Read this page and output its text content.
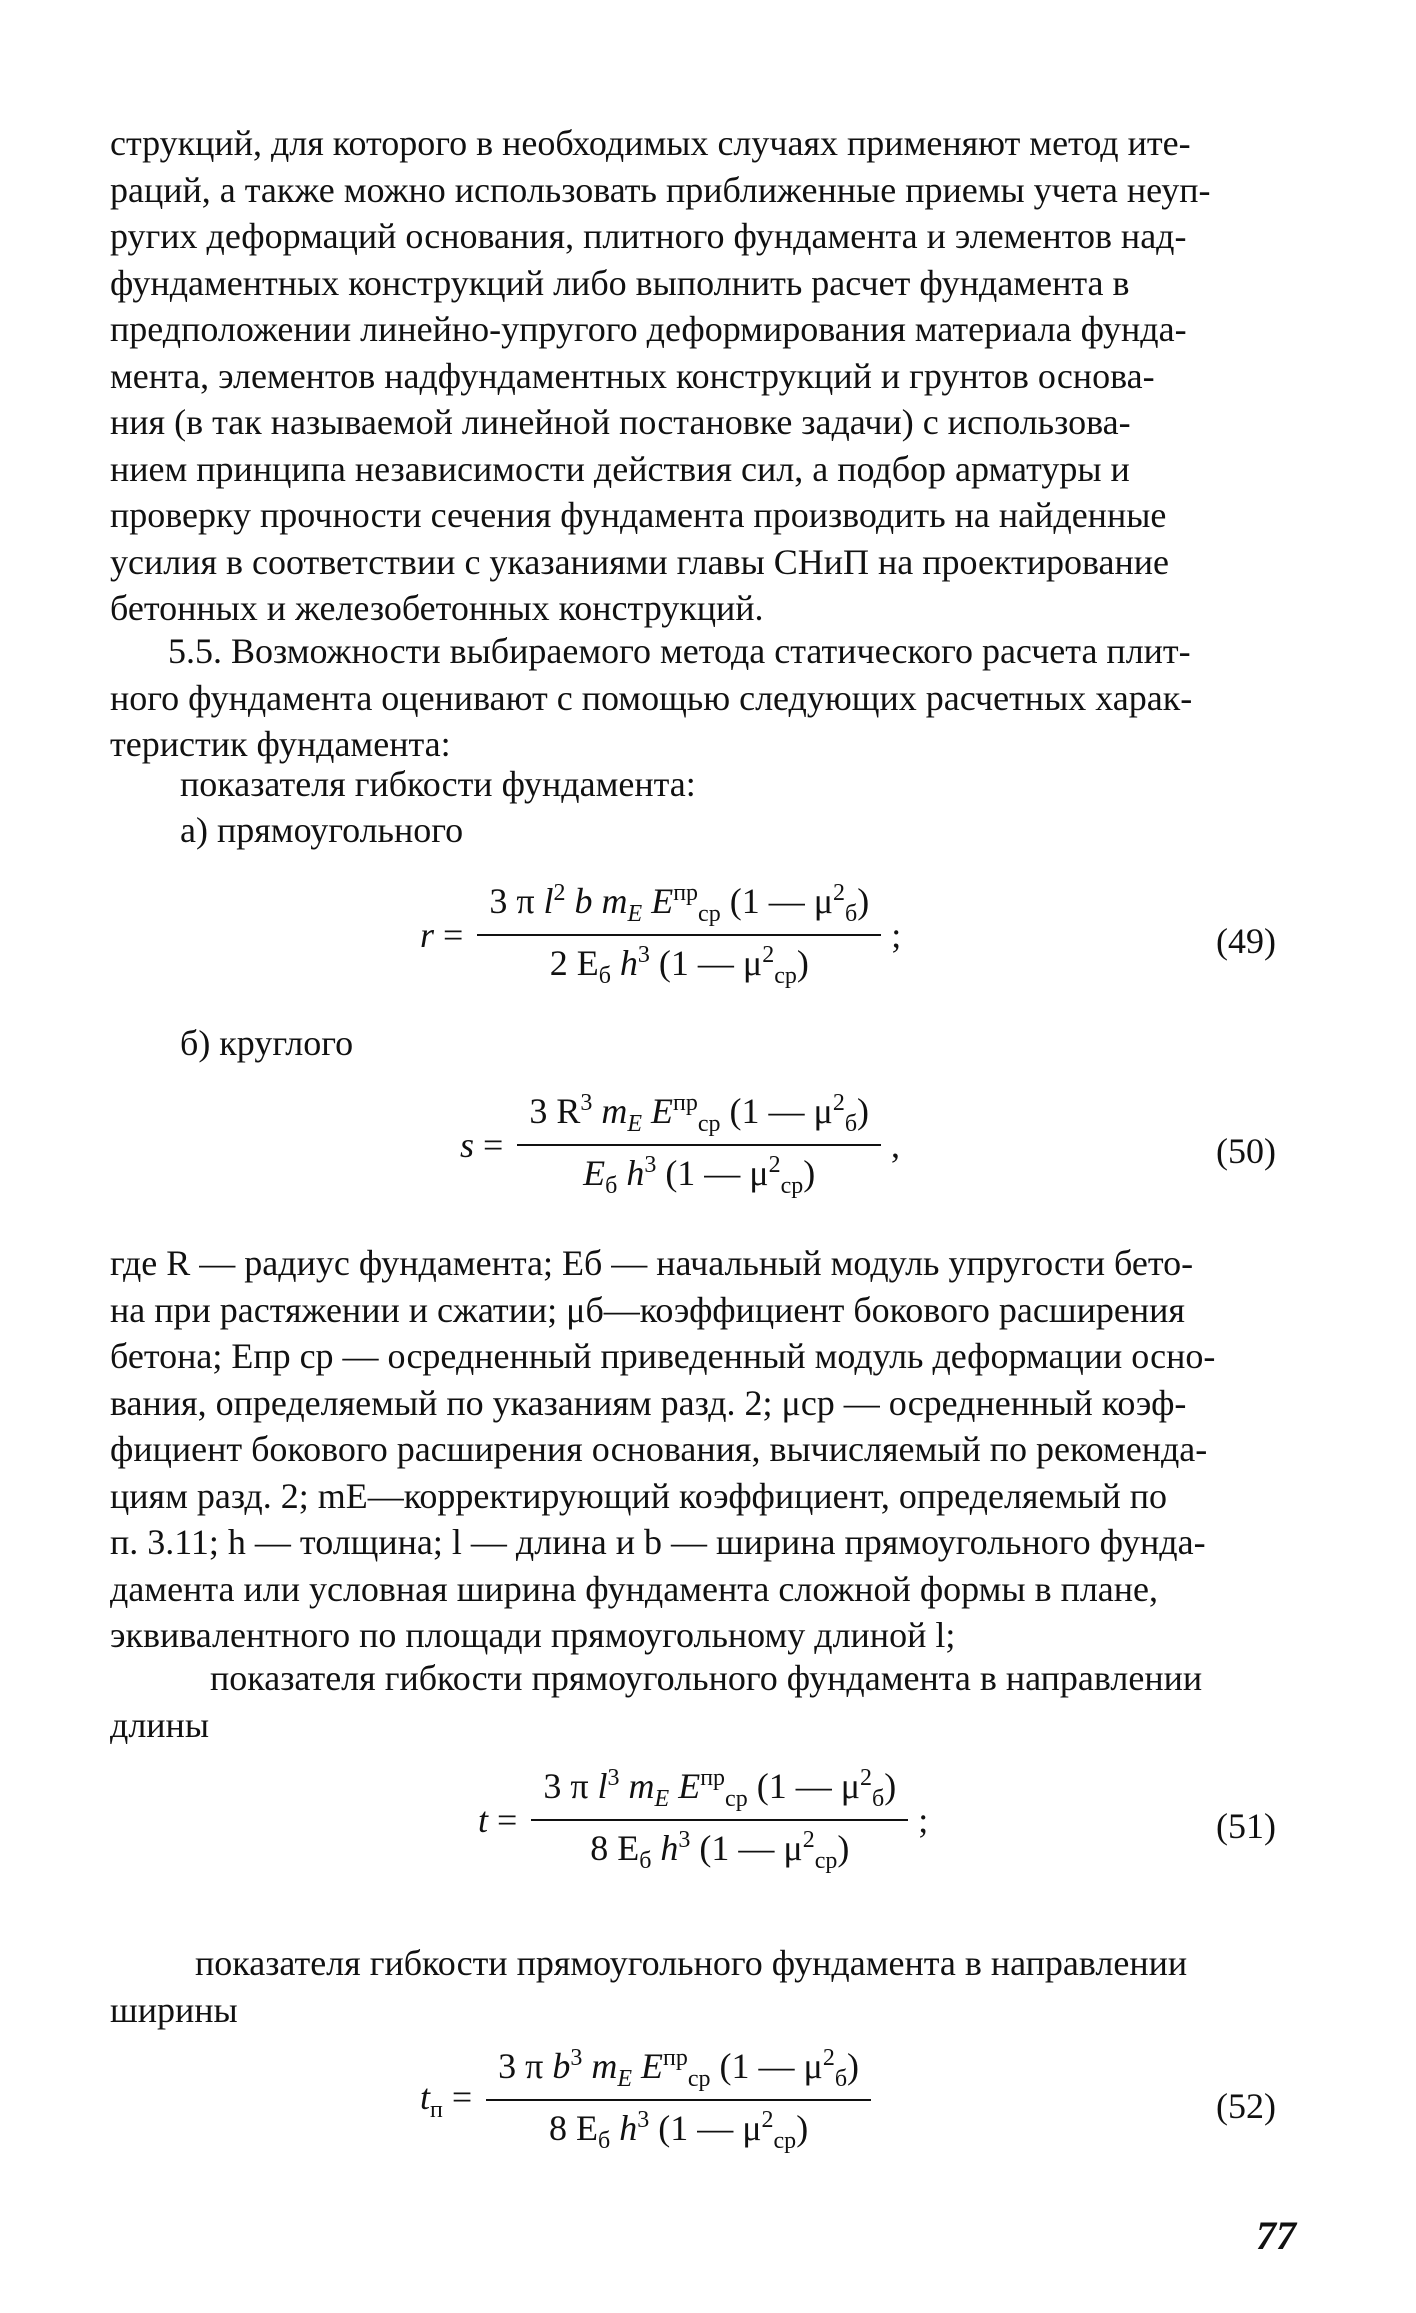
струкций, для которого в необходимых случаях применяют метод ите-
раций, а также можно использовать приближенные приемы учета неуп-
ругих деформаций основания, плитного фундамента и элементов над-
фундаментных конструкций либо выполнить расчет фундамента в
предположении линейно-упругого деформирования материала фунда-
мента, элементов надфундаментных конструкций и грунтов основа-
ния (в так называемой линейной постановке задачи) с использова-
нием принципа независимости действия сил, а подбор арматуры и
проверку прочности сечения фундамента производить на найденные
усилия в соответствии с указаниями главы СНиП на проектирование
бетонных и железобетонных конструкций.
5.5. Возможности выбираемого метода статического расчета плит-
ного фундамента оценивают с помощью следующих расчетных харак-
теристик фундамента:

показателя гибкости фундамента:

а) прямоугольного

$r = \frac{3 \pi l^2 b m_E E^{пр}_{ср} (1 — \mu^2_б)}{2 E_б h^3 (1 — \mu^2_{ср})}$ ;	(49)

б) круглого

$s = \frac{3 R^3 m_E E^{пр}_{ср} (1 — \mu^2_б)}{E_б h^3 (1 — \mu^2_{ср})}$ ,	(50)
где R — радиус фундамента; Eб — начальный модуль упругости бето-
на при растяжении и сжатии; μб—коэффициент бокового расширения
бетона; Eпр ср — осредненный приведенный модуль деформации осно-
вания, определяемый по указаниям разд. 2; μср — осредненный коэф-
фициент бокового расширения основания, вычисляемый по рекоменда-
циям разд. 2; mE—корректирующий коэффициент, определяемый по
п. 3.11; h — толщина; l — длина и b — ширина прямоугольного фунда-
дамента или условная ширина фундамента сложной формы в плане,
эквивалентного по площади прямоугольному длиной l;
показателя гибкости прямоугольного фундамента в направлении
длины
$t = \frac{3 \pi l^3 m_E E^{пр}_{ср} (1 — \mu^2_б)}{8 E_б h^3 (1 — \mu^2_{ср})}$ ;	(51)
показателя гибкости прямоугольного фундамента в направлении
ширины
$t_п = \frac{3 \pi b^3 m_E E^{пр}_{ср} (1 — \mu^2_б)}{8 E_б h^3 (1 — \mu^2_{ср})}$	(52)
77
